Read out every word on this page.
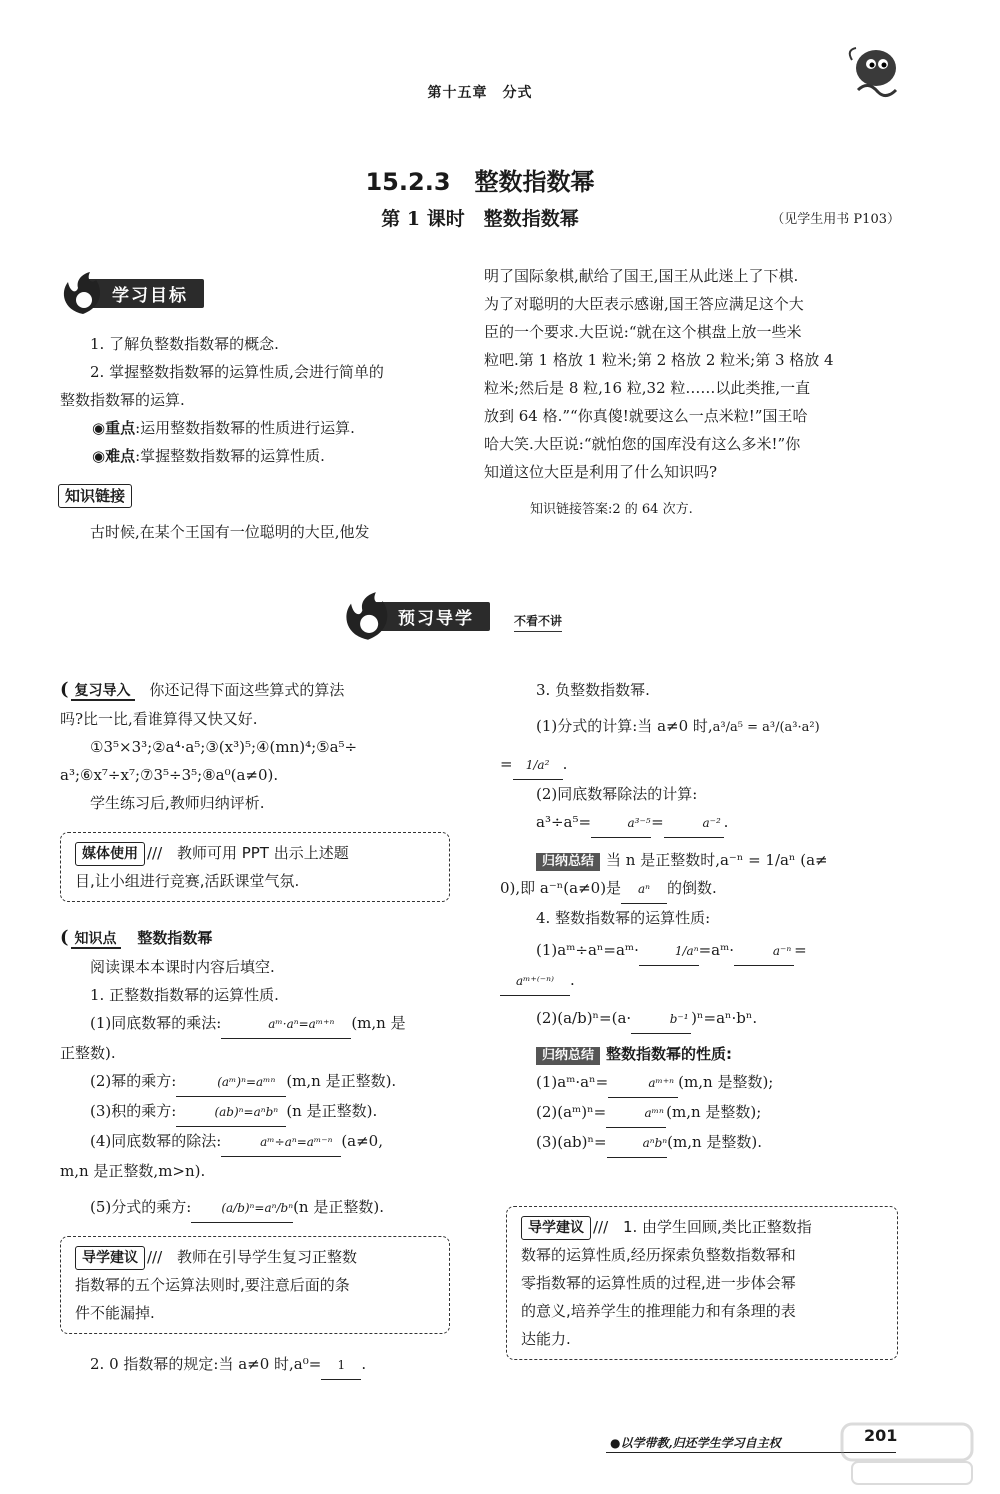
第十五章　分式
15.2.3　整数指数幂
第 1 课时　整数指数幂	（见学生用书 P103）
学习目标
1. 了解负整数指数幂的概念.
2. 掌握整数指数幂的运算性质,会进行简单的
整数指数幂的运算.
◉重点:运用整数指数幂的性质进行运算.
◉难点:掌握整数指数幂的运算性质.
知识链接
古时候,在某个王国有一位聪明的大臣,他发
明了国际象棋,献给了国王,国王从此迷上了下棋.
为了对聪明的大臣表示感谢,国王答应满足这个大
臣的一个要求.大臣说:“就在这个棋盘上放一些米
粒吧.第 1 格放 1 粒米;第 2 格放 2 粒米;第 3 格放 4
粒米;然后是 8 粒,16 粒,32 粒……以此类推,一直
放到 64 格.”“你真傻!就要这么一点米粒!”国王哈
哈大笑.大臣说:“就怕您的国库没有这么多米!”你
知道这位大臣是利用了什么知识吗?
知识链接答案:2 的 64 次方.
预习导学	不看不讲
( 复习导入 你还记得下面这些算式的算法
吗?比一比,看谁算得又快又好.
①3⁵×3³;②a⁴·a⁵;③(x³)⁵;④(mn)⁴;⑤a⁵÷
a³;⑥x⁷÷x⁷;⑦3⁵÷3⁵;⑧a⁰(a≠0).
学生练习后,教师归纳评析.
媒体使用 /// 教师可用 PPT 出示上述题
目,让小组进行竞赛,活跃课堂气氛.
( 知识点 整数指数幂
阅读课本本课时内容后填空.
1. 正整数指数幂的运算性质.
(1)同底数幂的乘法:	aᵐ·aⁿ=aᵐ⁺ⁿ (m,n 是
正整数).
(2)幂的乘方:	(aᵐ)ⁿ=aᵐⁿ (m,n 是正整数).
(3)积的乘方:	(ab)ⁿ=aⁿbⁿ (n 是正整数).
(4)同底数幂的除法:	aᵐ÷aⁿ=aᵐ⁻ⁿ (a≠0,
m,n 是正整数,m>n).
(5)分式的乘方:	(a/b)ⁿ=aⁿ/bⁿ(n 是正整数).
导学建议 /// 教师在引导学生复习正整数
指数幂的五个运算法则时,要注意后面的条
件不能漏掉.
2. 0 指数幂的规定:当 a≠0 时,a⁰= 1 .
3. 负整数指数幂.
(1)分式的计算:当 a≠0 时,a³/a⁵ = a³/(a³·a²)
= 1/a² .
(2)同底数幂除法的计算:
a³÷a⁵=	a³⁻⁵=	a⁻² .
归纳总结 当 n 是正整数时,a⁻ⁿ = 1/aⁿ (a≠
0),即 a⁻ⁿ(a≠0)是 aⁿ 的倒数.
4. 整数指数幂的运算性质:
(1)aᵐ÷aⁿ=aᵐ·	1/aⁿ=aᵐ·	a⁻ⁿ =
aᵐ⁺⁽⁻ⁿ⁾ .
(2)(a/b)ⁿ=(a·	b⁻¹ )ⁿ=aⁿ·bⁿ.
归纳总结 整数指数幂的性质:
(1)aᵐ·aⁿ=	aᵐ⁺ⁿ (m,n 是整数);
(2)(aᵐ)ⁿ=	aᵐⁿ (m,n 是整数);
(3)(ab)ⁿ=	aⁿbⁿ(m,n 是整数).
导学建议 /// 1. 由学生回顾,类比正整数指
数幂的运算性质,经历探索负整数指数幂和
零指数幂的运算性质的过程,进一步体会幂
的意义,培养学生的推理能力和有条理的表
达能力.
●以学带教,归还学生学习自主权	201
